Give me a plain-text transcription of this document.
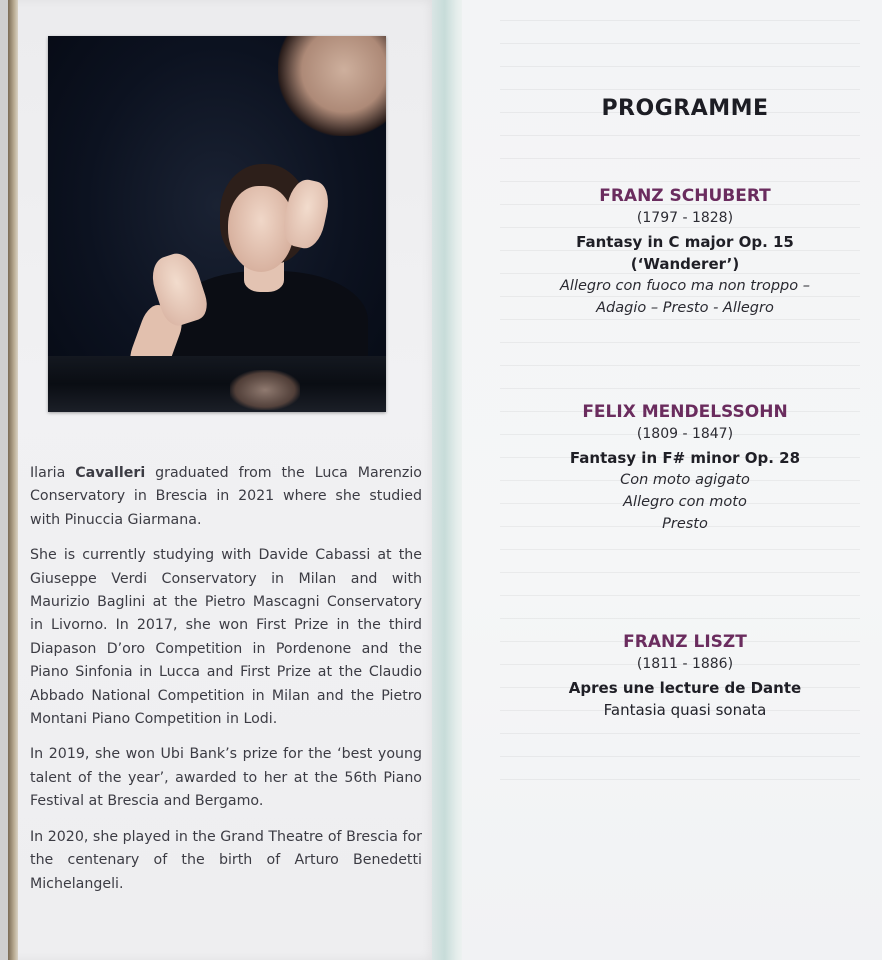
Ilaria Cavalleri graduated from the Luca Marenzio Conservatory in Brescia in 2021 where she studied with Pinuccia Giarmana.

She is currently studying with Davide Cabassi at the Giuseppe Verdi Conservatory in Milan and with Maurizio Baglini at the Pietro Mascagni Conservatory in Livorno. In 2017, she won First Prize in the third Diapason D’oro Competition in Pordenone and the Piano Sinfonia in Lucca and First Prize at the Claudio Abbado National Competition in Milan and the Pietro Montani Piano Competition in Lodi.

In 2019, she won Ubi Bank’s prize for the ‘best young talent of the year’, awarded to her at the 56th Piano Festival at Brescia and Bergamo.

In 2020, she played in the Grand Theatre of Brescia for the centenary of the birth of Arturo Benedetti Michelangeli.

PROGRAMME
FRANZ SCHUBERT
(1797 - 1828)
Fantasy in C major Op. 15 (‘Wanderer’)
Allegro con fuoco ma non troppo –
Adagio – Presto - Allegro
FELIX MENDELSSOHN
(1809 - 1847)
Fantasy in F# minor Op. 28
Con moto agigato
Allegro con moto
Presto
FRANZ LISZT
(1811 - 1886)
Apres une lecture de Dante
Fantasia quasi sonata
